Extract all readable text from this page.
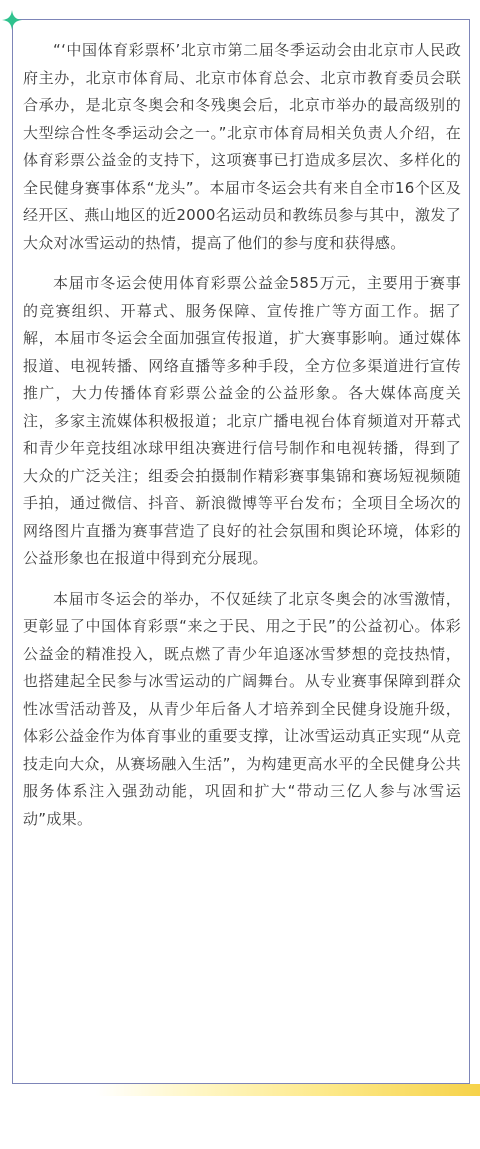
“‘中国体育彩票杯’北京市第二届冬季运动会由北京市人民政府主办，北京市体育局、北京市体育总会、北京市教育委员会联合承办，是北京冬奥会和冬残奥会后，北京市举办的最高级别的大型综合性冬季运动会之一。”北京市体育局相关负责人介绍，在体育彩票公益金的支持下，这项赛事已打造成多层次、多样化的全民健身赛事体系“龙头”。本届市冬运会共有来自全市16个区及经开区、燕山地区的近2000名运动员和教练员参与其中，激发了大众对冰雪运动的热情，提高了他们的参与度和获得感。

本届市冬运会使用体育彩票公益金585万元，主要用于赛事的竞赛组织、开幕式、服务保障、宣传推广等方面工作。据了解，本届市冬运会全面加强宣传报道，扩大赛事影响。通过媒体报道、电视转播、网络直播等多种手段，全方位多渠道进行宣传推广，大力传播体育彩票公益金的公益形象。各大媒体高度关注，多家主流媒体积极报道；北京广播电视台体育频道对开幕式和青少年竞技组冰球甲组决赛进行信号制作和电视转播，得到了大众的广泛关注；组委会拍摄制作精彩赛事集锦和赛场短视频随手拍，通过微信、抖音、新浪微博等平台发布；全项目全场次的网络图片直播为赛事营造了良好的社会氛围和舆论环境，体彩的公益形象也在报道中得到充分展现。

本届市冬运会的举办，不仅延续了北京冬奥会的冰雪激情，更彰显了中国体育彩票“来之于民、用之于民”的公益初心。体彩公益金的精准投入，既点燃了青少年追逐冰雪梦想的竞技热情，也搭建起全民参与冰雪运动的广阔舞台。从专业赛事保障到群众性冰雪活动普及，从青少年后备人才培养到全民健身设施升级，体彩公益金作为体育事业的重要支撑，让冰雪运动真正实现“从竞技走向大众，从赛场融入生活”，为构建更高水平的全民健身公共服务体系注入强劲动能，巩固和扩大“带动三亿人参与冰雪运动”成果。
